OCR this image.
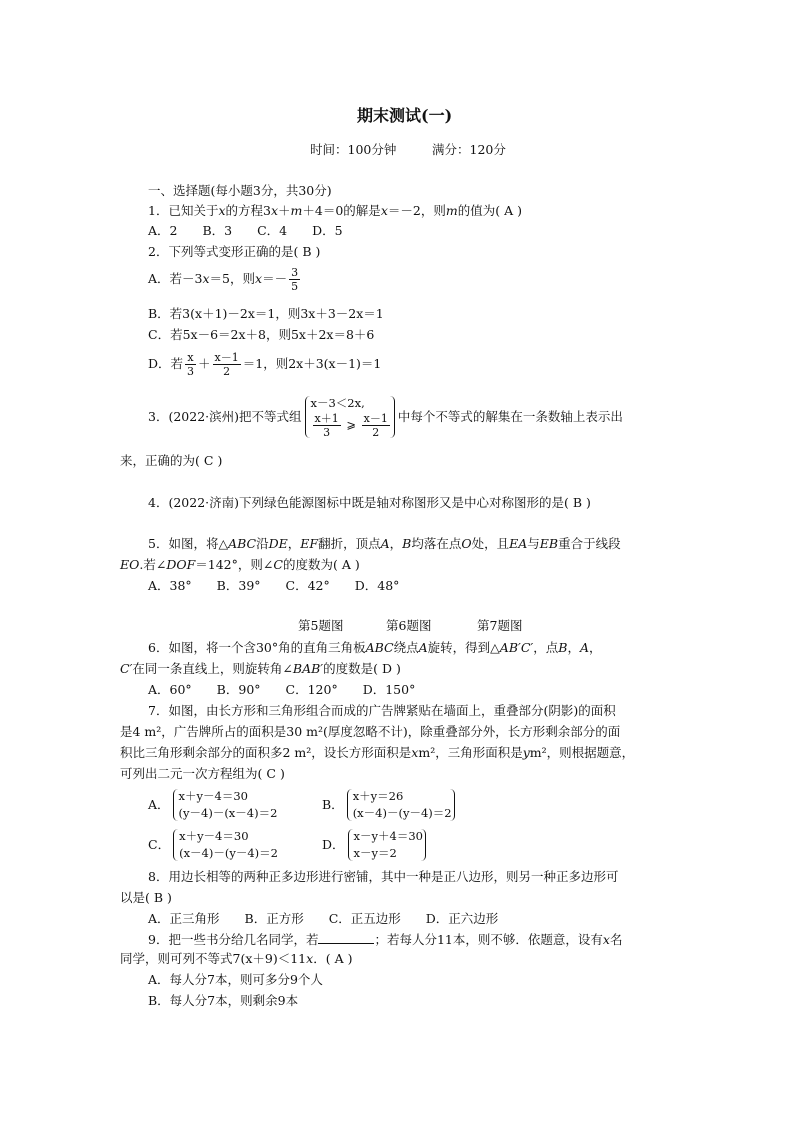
期末测试(一)
时间：100分钟	满分：120分
一、选择题(每小题3分，共30分)
1．已知关于x的方程3x＋m＋4＝0的解是x＝－2，则m的值为( A )
A．2　　B．3　　C．4　　D．5
2．下列等式变形正确的是( B )
A．若－3x＝5，则$x=- \frac{3}{5}$
B．若3(x＋1)－2x＝1，则3x＋3－2x＝1
C．若5x－6＝2x＋8，则5x＋2x＝8＋6
D．若 $\frac{x}{3} + \frac{x-1}{2} =1$，则2x＋3(x－1)＝1
3．(2022·滨州)把不等式组
x－3＜2x,
$\frac{x+1}{3}$ ⩾ $\frac{x-1}{2}$ 中每个不等式的解集在一条数轴上表示出
来，正确的为( C )
4．(2022·济南)下列绿色能源图标中既是轴对称图形又是中心对称图形的是( B )
5．如图，将△ABC沿DE，EF翻折，顶点A，B均落在点O处，且EA与EB重合于线段
EO.若∠DOF＝142°，则∠C的度数为( A )
A．38°　　B．39°　　C．42°　　D．48°
第5题图	第6题图	第7题图
6．如图，将一个含30°角的直角三角板ABC绕点A旋转，得到△AB′C′，点B，A，
C′在同一条直线上，则旋转角∠BAB′的度数是( D )
A．60°　　B．90°　　C．120°　　D．150°
7．如图，由长方形和三角形组合而成的广告牌紧贴在墙面上，重叠部分(阴影)的面积
是4 m²，广告牌所占的面积是30 m²(厚度忽略不计)，除重叠部分外，长方形剩余部分的面
积比三角形剩余部分的面积多2 m²，设长方形面积是xm²，三角形面积是ym²，则根据题意，
可列出二元一次方程组为( C )
A．
x＋y－4＝30
(y－4)－(x－4)＝2
B．
x＋y＝26
(x－4)－(y－4)＝2
C．
x＋y－4＝30
(x－4)－(y－4)＝2
D．
x－y＋4＝30
x－y＝2
8．用边长相等的两种正多边形进行密铺，其中一种是正八边形，则另一种正多边形可
以是( B )
A．正三角形　　B．正方形　　C．正五边形　　D．正六边形
9．把一些书分给几名同学，若	；若每人分11本，则不够．依题意，设有x名
同学，则可列不等式7(x＋9)＜11x．( A )
A．每人分7本，则可多分9个人
B．每人分7本，则剩余9本
